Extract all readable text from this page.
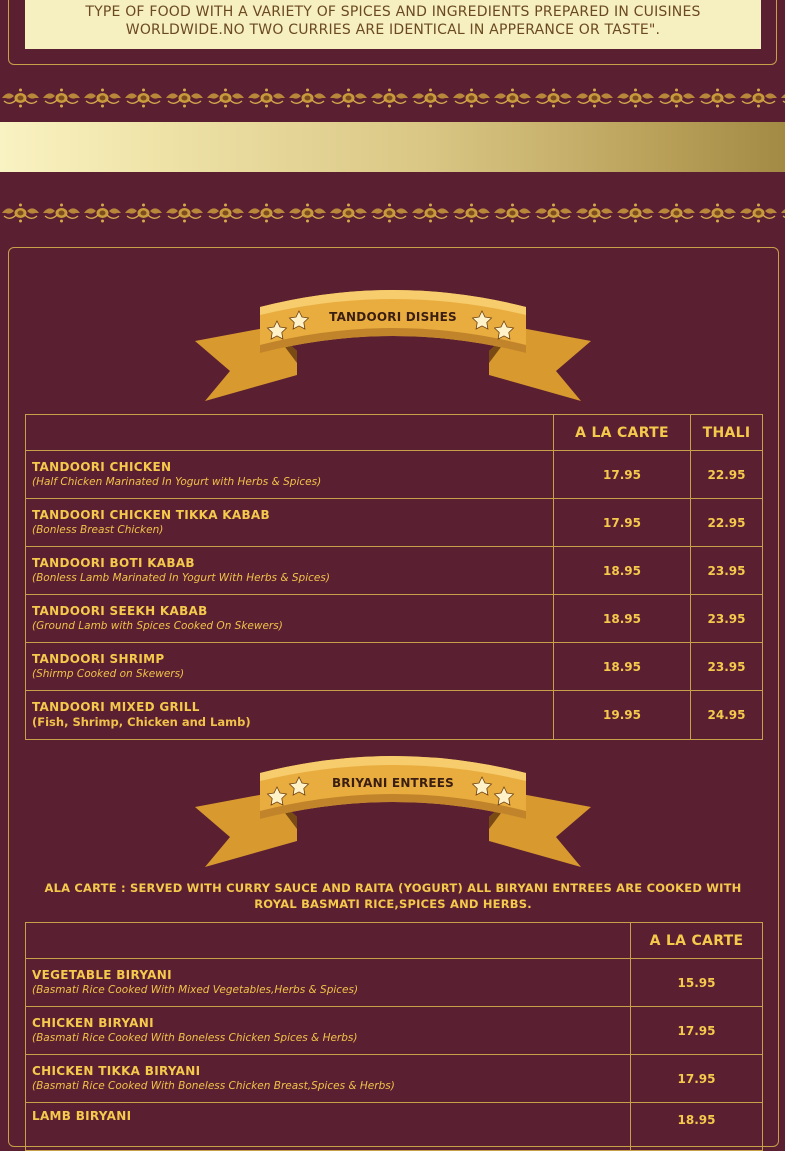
TYPE OF FOOD WITH A VARIETY OF SPICES AND INGREDIENTS PREPARED IN CUISINES WORLDWIDE.NO TWO CURRIES ARE IDENTICAL IN APPERANCE OR TASTE".
TANDOORI DISHES
	A LA CARTE	THALI

TANDOORI CHICKEN
(Half Chicken Marinated In Yogurt with Herbs & Spices)	17.95	22.95

TANDOORI CHICKEN TIKKA KABAB
(Bonless Breast Chicken)	17.95	22.95

TANDOORI BOTI KABAB
(Bonless Lamb Marinated In Yogurt With Herbs & Spices)	18.95	23.95

TANDOORI SEEKH KABAB
(Ground Lamb with Spices Cooked On Skewers)	18.95	23.95

TANDOORI SHRIMP
(Shirmp Cooked on Skewers)	18.95	23.95

TANDOORI MIXED GRILL
(Fish, Shrimp, Chicken and Lamb)	19.95	24.95
BRIYANI ENTREES
ALA CARTE : SERVED WITH CURRY SAUCE AND RAITA (YOGURT) ALL BIRYANI ENTREES ARE COOKED WITH ROYAL BASMATI RICE,SPICES AND HERBS.
	A LA CARTE

VEGETABLE BIRYANI
(Basmati Rice Cooked With Mixed Vegetables,Herbs & Spices)	15.95

CHICKEN BIRYANI
(Basmati Rice Cooked With Boneless Chicken Spices & Herbs)	17.95

CHICKEN TIKKA BIRYANI
(Basmati Rice Cooked With Boneless Chicken Breast,Spices & Herbs)	17.95

LAMB BIRYANI	18.95
